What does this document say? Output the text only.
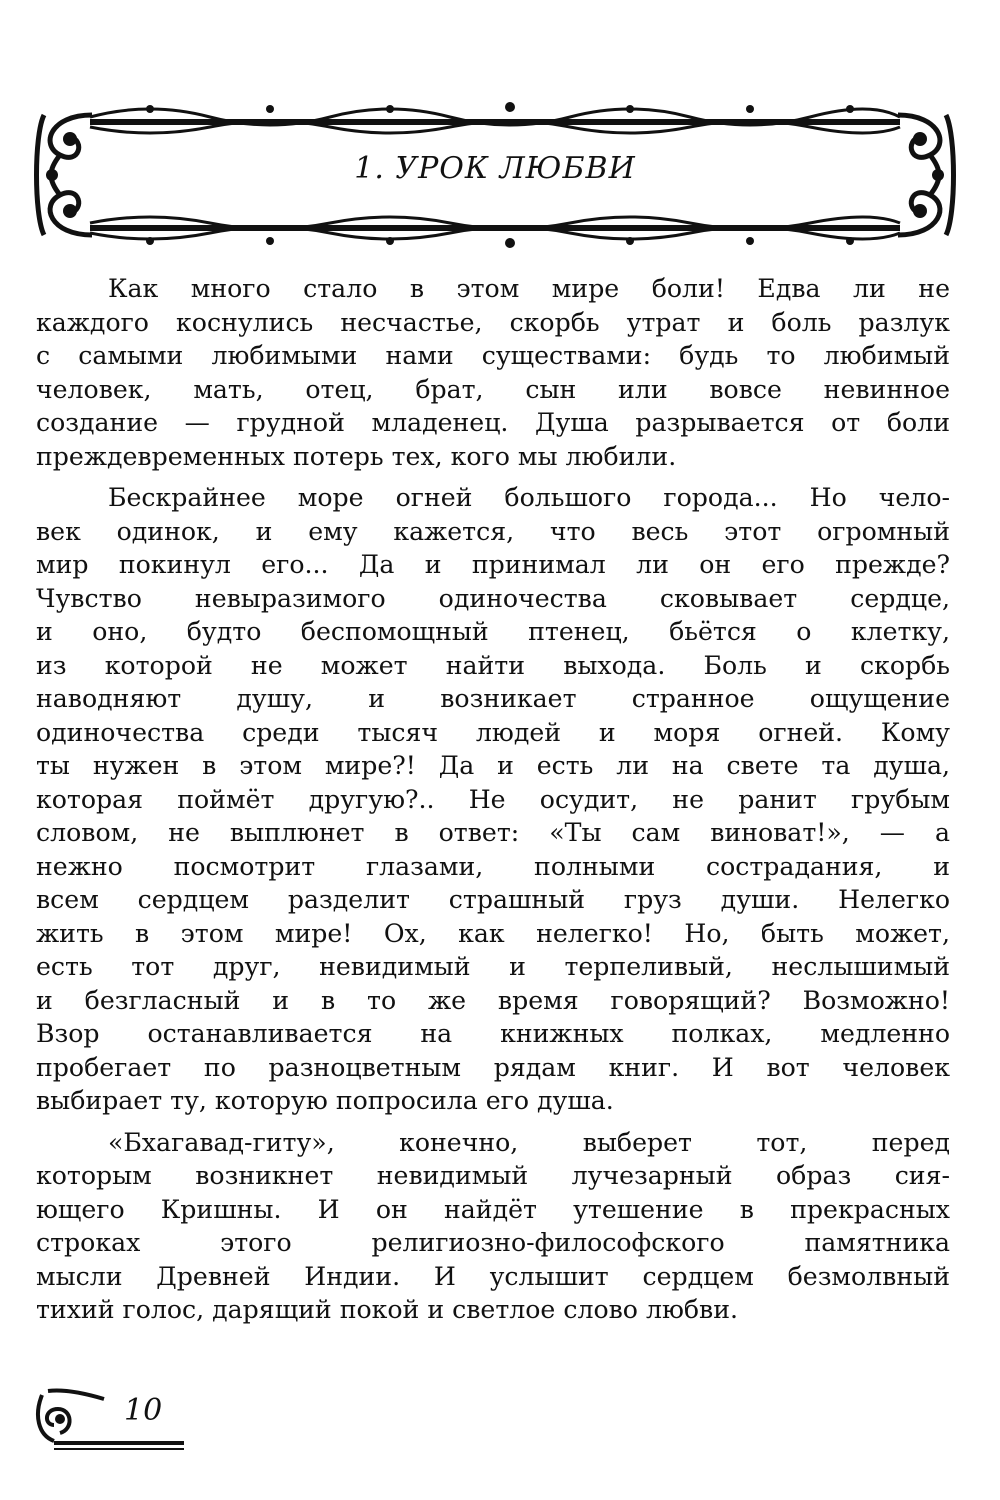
1. УРОК ЛЮБВИ
Как много стало в этом мире боли! Едва ли не
каждого коснулись несчастье, скорбь утрат и боль разлук
с самыми любимыми нами существами: будь то любимый
человек, мать, отец, брат, сын или вовсе невинное
создание — грудной младенец. Душа разрывается от боли
преждевременных потерь тех, кого мы любили.
Бескрайнее море огней большого города... Но чело-
век одинок, и ему кажется, что весь этот огромный
мир покинул его... Да и принимал ли он его прежде?
Чувство невыразимого одиночества сковывает сердце,
и оно, будто беспомощный птенец, бьётся о клетку,
из которой не может найти выхода. Боль и скорбь
наводняют душу, и возникает странное ощущение
одиночества среди тысяч людей и моря огней. Кому
ты нужен в этом мире?! Да и есть ли на свете та душа,
которая поймёт другую?.. Не осудит, не ранит грубым
словом, не выплюнет в ответ: «Ты сам виноват!», — а
нежно посмотрит глазами, полными сострадания, и
всем сердцем разделит страшный груз души. Нелегко
жить в этом мире! Ох, как нелегко! Но, быть может,
есть тот друг, невидимый и терпеливый, неслышимый
и безгласный и в то же время говорящий? Возможно!
Взор останавливается на книжных полках, медленно
пробегает по разноцветным рядам книг. И вот человек
выбирает ту, которую попросила его душа.
«Бхагавад-гиту», конечно, выберет тот, перед
которым возникнет невидимый лучезарный образ сия-
ющего Кришны. И он найдёт утешение в прекрасных
строках этого религиозно-философского памятника
мысли Древней Индии. И услышит сердцем безмолвный
тихий голос, дарящий покой и светлое слово любви.
10
